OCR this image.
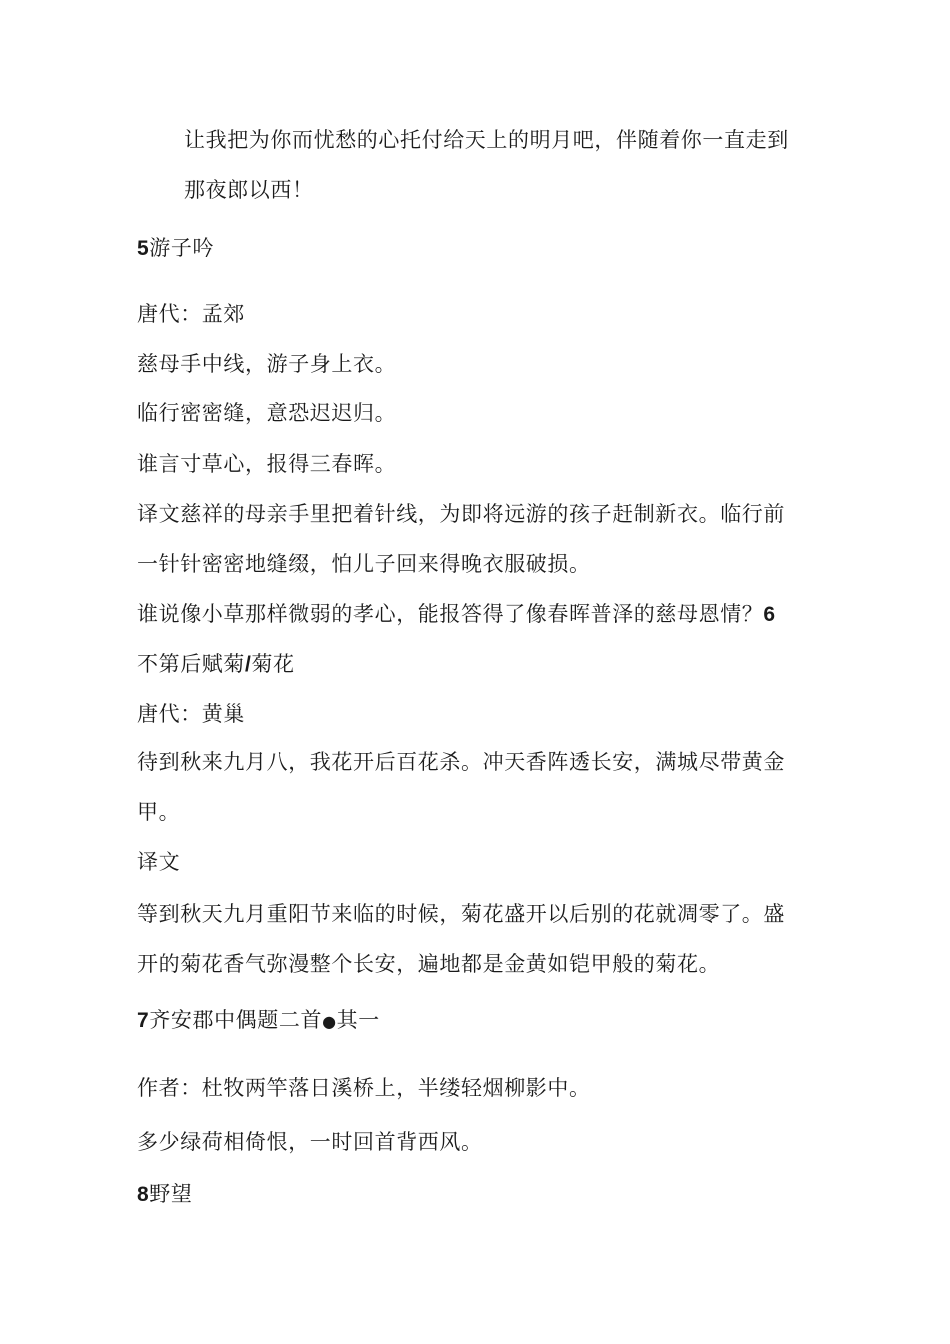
让我把为你而忧愁的心托付给天上的明月吧，伴随着你一直走到
那夜郎以西！
5游子吟
唐代：孟郊
慈母手中线，游子身上衣。
临行密密缝，意恐迟迟归。
谁言寸草心，报得三春晖。
译文慈祥的母亲手里把着针线，为即将远游的孩子赶制新衣。临行前
一针针密密地缝缀，怕儿子回来得晚衣服破损。
谁说像小草那样微弱的孝心，能报答得了像春晖普泽的慈母恩情？6
不第后赋菊/菊花
唐代：黄巢
待到秋来九月八，我花开后百花杀。冲天香阵透长安，满城尽带黄金
甲。
译文
等到秋天九月重阳节来临的时候，菊花盛开以后别的花就凋零了。盛
开的菊花香气弥漫整个长安，遍地都是金黄如铠甲般的菊花。
7齐安郡中偶题二首●其一
作者：杜牧两竿落日溪桥上，半缕轻烟柳影中。
多少绿荷相倚恨，一时回首背西风。
8野望
